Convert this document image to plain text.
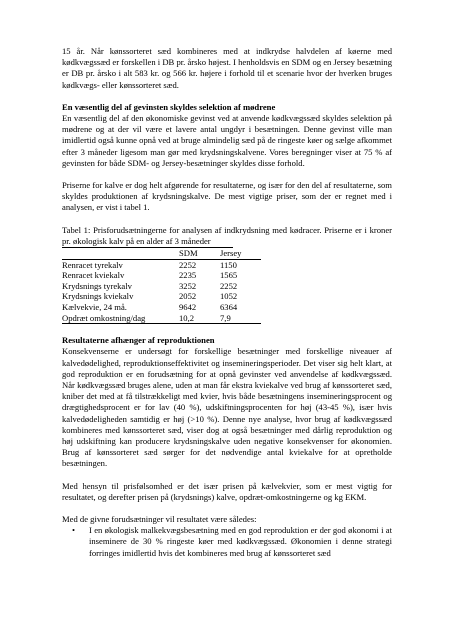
15 år. Når kønssorteret sæd kombineres med at indkrydse halvdelen af køerne med kødkvægssæd er forskellen i DB pr. årsko højest. I henholdsvis en SDM og en Jersey besætning er DB pr. årsko i alt 583 kr. og 566 kr. højere i forhold til et scenarie hvor der hverken bruges kødkvægs- eller kønssorteret sæd.

En væsentlig del af gevinsten skyldes selektion af mødrene

En væsentlig del af den økonomiske gevinst ved at anvende kødkvægssæd skyldes selektion på mødrene og at der vil være et lavere antal ungdyr i besætningen. Denne gevinst ville man imidlertid også kunne opnå ved at bruge almindelig sæd på de ringeste køer og sælge afkommet efter 3 måneder ligesom man gør med krydsningskalvene. Vores beregninger viser at 75 % af gevinsten for både SDM- og Jersey-besætninger skyldes disse forhold.

Priserne for kalve er dog helt afgørende for resultaterne, og især for den del af resultaterne, som skyldes produktionen af krydsningskalve. De mest vigtige priser, som der er regnet med i analysen, er vist i tabel 1.

Tabel 1: Prisforudsætningerne for analysen af indkrydsning med kødracer. Priserne er i kroner pr. økologisk kalv på en alder af 3 måneder

	SDM	Jersey
Renracet tyrekalv	2252	1150
Renracet kviekalv	2235	1565
Krydsnings tyrekalv	3252	2252
Krydsnings kviekalv	2052	1052
Kælvekvie, 24 må.	9642	6364
Opdræt omkostning/dag	10,2	7,9

Resultaterne afhænger af reproduktionen

Konsekvenserne er undersøgt for forskellige besætninger med forskellige niveauer af kalvedødelighed, reproduktionseffektivitet og insemineringsperioder. Det viser sig helt klart, at god reproduktion er en forudsætning for at opnå gevinster ved anvendelse af kødkvægssæd. Når kødkvægssæd bruges alene, uden at man får ekstra kviekalve ved brug af kønssorteret sæd, kniber det med at få tilstrækkeligt med kvier, hvis både besætningens insemineringsprocent og drægtighedsprocent er for lav (40 %), udskiftningsprocenten for høj (43-45 %), især hvis kalvedødeligheden samtidig er høj (>10 %). Denne nye analyse, hvor brug af kødkvægssæd kombineres med kønssorteret sæd, viser dog at også besætninger med dårlig reproduktion og høj udskiftning kan producere krydsningskalve uden negative konsekvenser for økonomien. Brug af kønssorteret sæd sørger for det nødvendige antal kviekalve for at opretholde besætningen.

Med hensyn til prisfølsomhed er det især prisen på kælvekvier, som er mest vigtig for resultatet, og derefter prisen på (krydsnings) kalve, opdræt-omkostningerne og kg EKM.

Med de givne forudsætninger vil resultatet være således:

• I en økologisk malkekvægsbesætning med en god reproduktion er der god økonomi i at inseminere de 30 % ringeste køer med kødkvægssæd. Økonomien i denne strategi forringes imidlertid hvis det kombineres med brug af kønssorteret sæd
